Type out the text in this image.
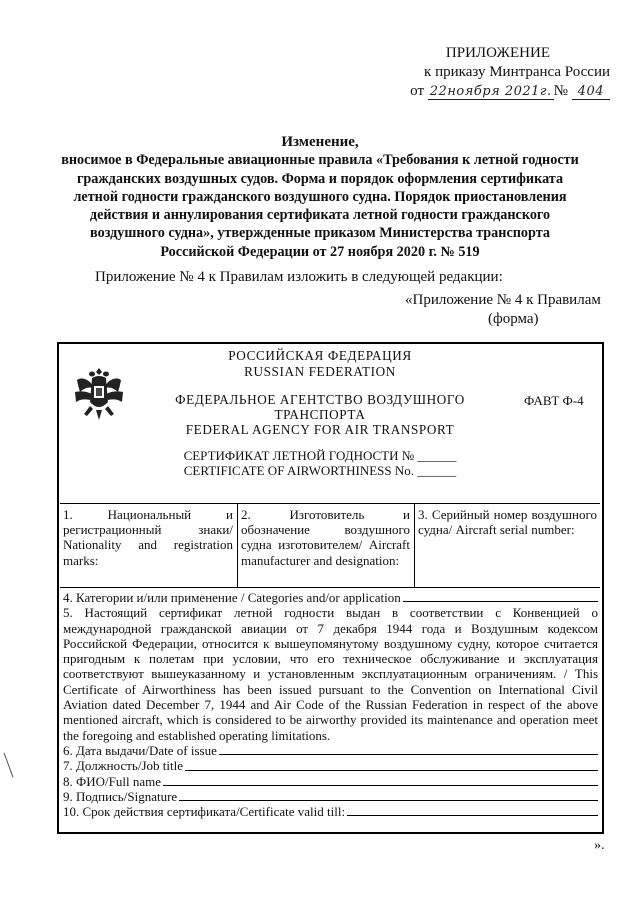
ПРИЛОЖЕНИЕ
к приказу Минтранса России
от 22ноября 2021г. № 404
Изменение,
вносимое в Федеральные авиационные правила «Требования к летной годности гражданских воздушных судов. Форма и порядок оформления сертификата летной годности гражданского воздушного судна. Порядок приостановления действия и аннулирования сертификата летной годности гражданского воздушного судна», утвержденные приказом Министерства транспорта Российской Федерации от 27 ноября 2020 г. № 519
Приложение № 4 к Правилам изложить в следующей редакции:
«Приложение № 4 к Правилам
(форма)
РОССИЙСКАЯ ФЕДЕРАЦИЯ
RUSSIAN FEDERATION
ФЕДЕРАЛЬНОЕ АГЕНТСТВО ВОЗДУШНОГО
ТРАНСПОРТА
FEDERAL AGENCY FOR AIR TRANSPORT
ФАВТ Ф-4
СЕРТИФИКАТ ЛЕТНОЙ ГОДНОСТИ № ______
CERTIFICATE OF AIRWORTHINESS No. ______
1. Национальный и регистрационный знаки/ Nationality and registration marks:
2. Изготовитель и обозначение воздушного судна изготовителем/ Aircraft manufacturer and designation:
3. Серийный номер воздушного судна/ Aircraft serial number:
4. Категории и/или применение / Categories and/or application
5. Настоящий сертификат летной годности выдан в соответствии с Конвенцией о международной гражданской авиации от 7 декабря 1944 года и Воздушным кодексом Российской Федерации, относится к вышеупомянутому воздушному судну, которое считается пригодным к полетам при условии, что его техническое обслуживание и эксплуатация соответствуют вышеуказанному и установленным эксплуатационным ограничениям. / This Certificate of Airworthiness has been issued pursuant to the Convention on International Civil Aviation dated December 7, 1944 and Air Code of the Russian Federation in respect of the above mentioned aircraft, which is considered to be airworthy provided its maintenance and operation meet the foregoing and established operating limitations.
6. Дата выдачи/Date of issue
7. Должность/Job title
8. ФИО/Full name
9. Подпись/Signature
10. Срок действия сертификата/Certificate valid till:
».
